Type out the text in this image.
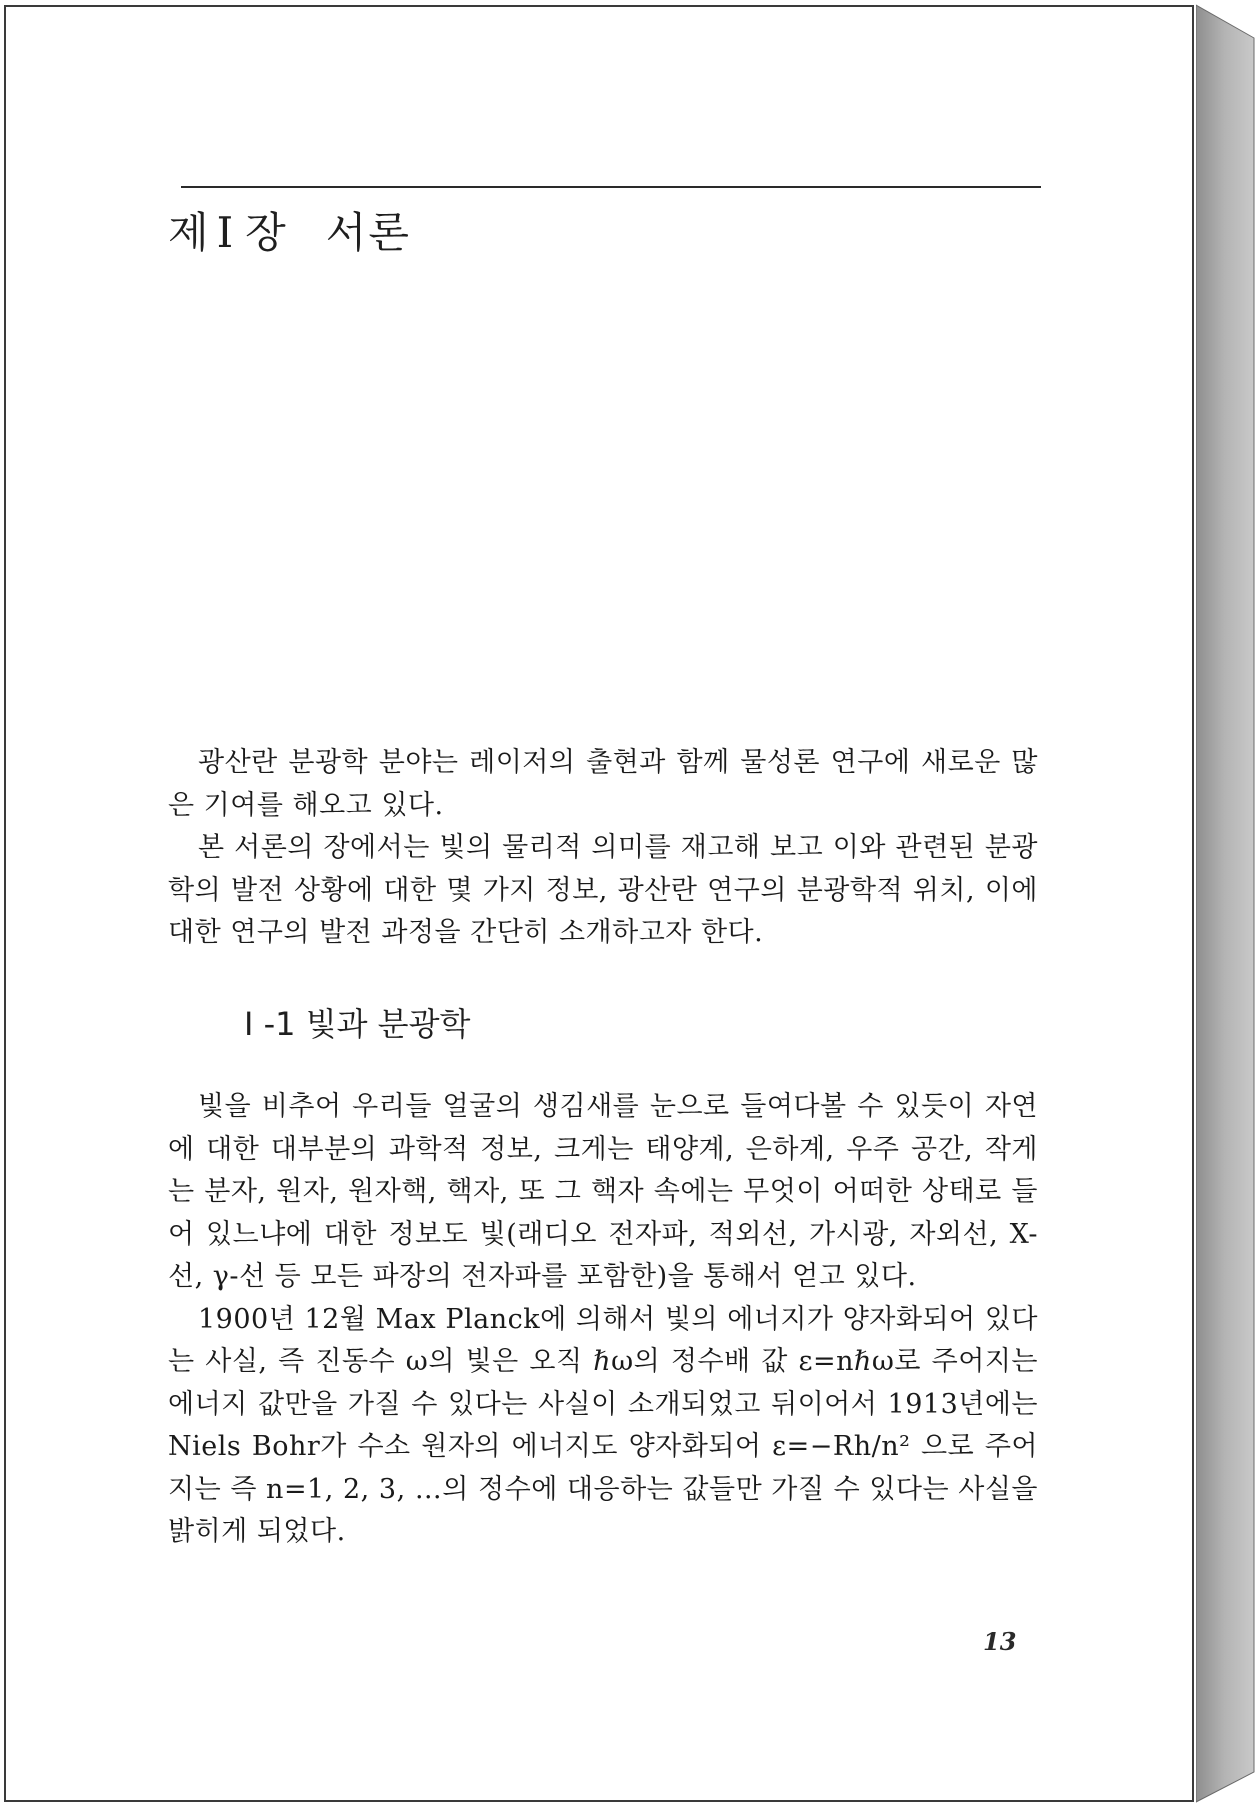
제 I 장 서론

광산란 분광학 분야는 레이저의 출현과 함께 물성론 연구에 새로운 많은 기여를 해오고 있다.

본 서론의 장에서는 빛의 물리적 의미를 재고해 보고 이와 관련된 분광학의 발전 상황에 대한 몇 가지 정보, 광산란 연구의 분광학적 위치, 이에 대한 연구의 발전 과정을 간단히 소개하고자 한다.

I -1 빛과 분광학

빛을 비추어 우리들 얼굴의 생김새를 눈으로 들여다볼 수 있듯이 자연에 대한 대부분의 과학적 정보, 크게는 태양계, 은하계, 우주 공간, 작게는 분자, 원자, 원자핵, 핵자, 또 그 핵자 속에는 무엇이 어떠한 상태로 들어 있느냐에 대한 정보도 빛(래디오 전자파, 적외선, 가시광, 자외선, X-선, γ-선 등 모든 파장의 전자파를 포함한)을 통해서 얻고 있다.

1900년 12월 Max Planck에 의해서 빛의 에너지가 양자화되어 있다는 사실, 즉 진동수 ω의 빛은 오직 ℏω의 정수배 값 ε=nℏω로 주어지는 에너지 값만을 가질 수 있다는 사실이 소개되었고 뒤이어서 1913년에는 Niels Bohr가 수소 원자의 에너지도 양자화되어 ε=−Rh/n² 으로 주어지는 즉 n=1, 2, 3, …의 정수에 대응하는 값들만 가질 수 있다는 사실을 밝히게 되었다.

13
